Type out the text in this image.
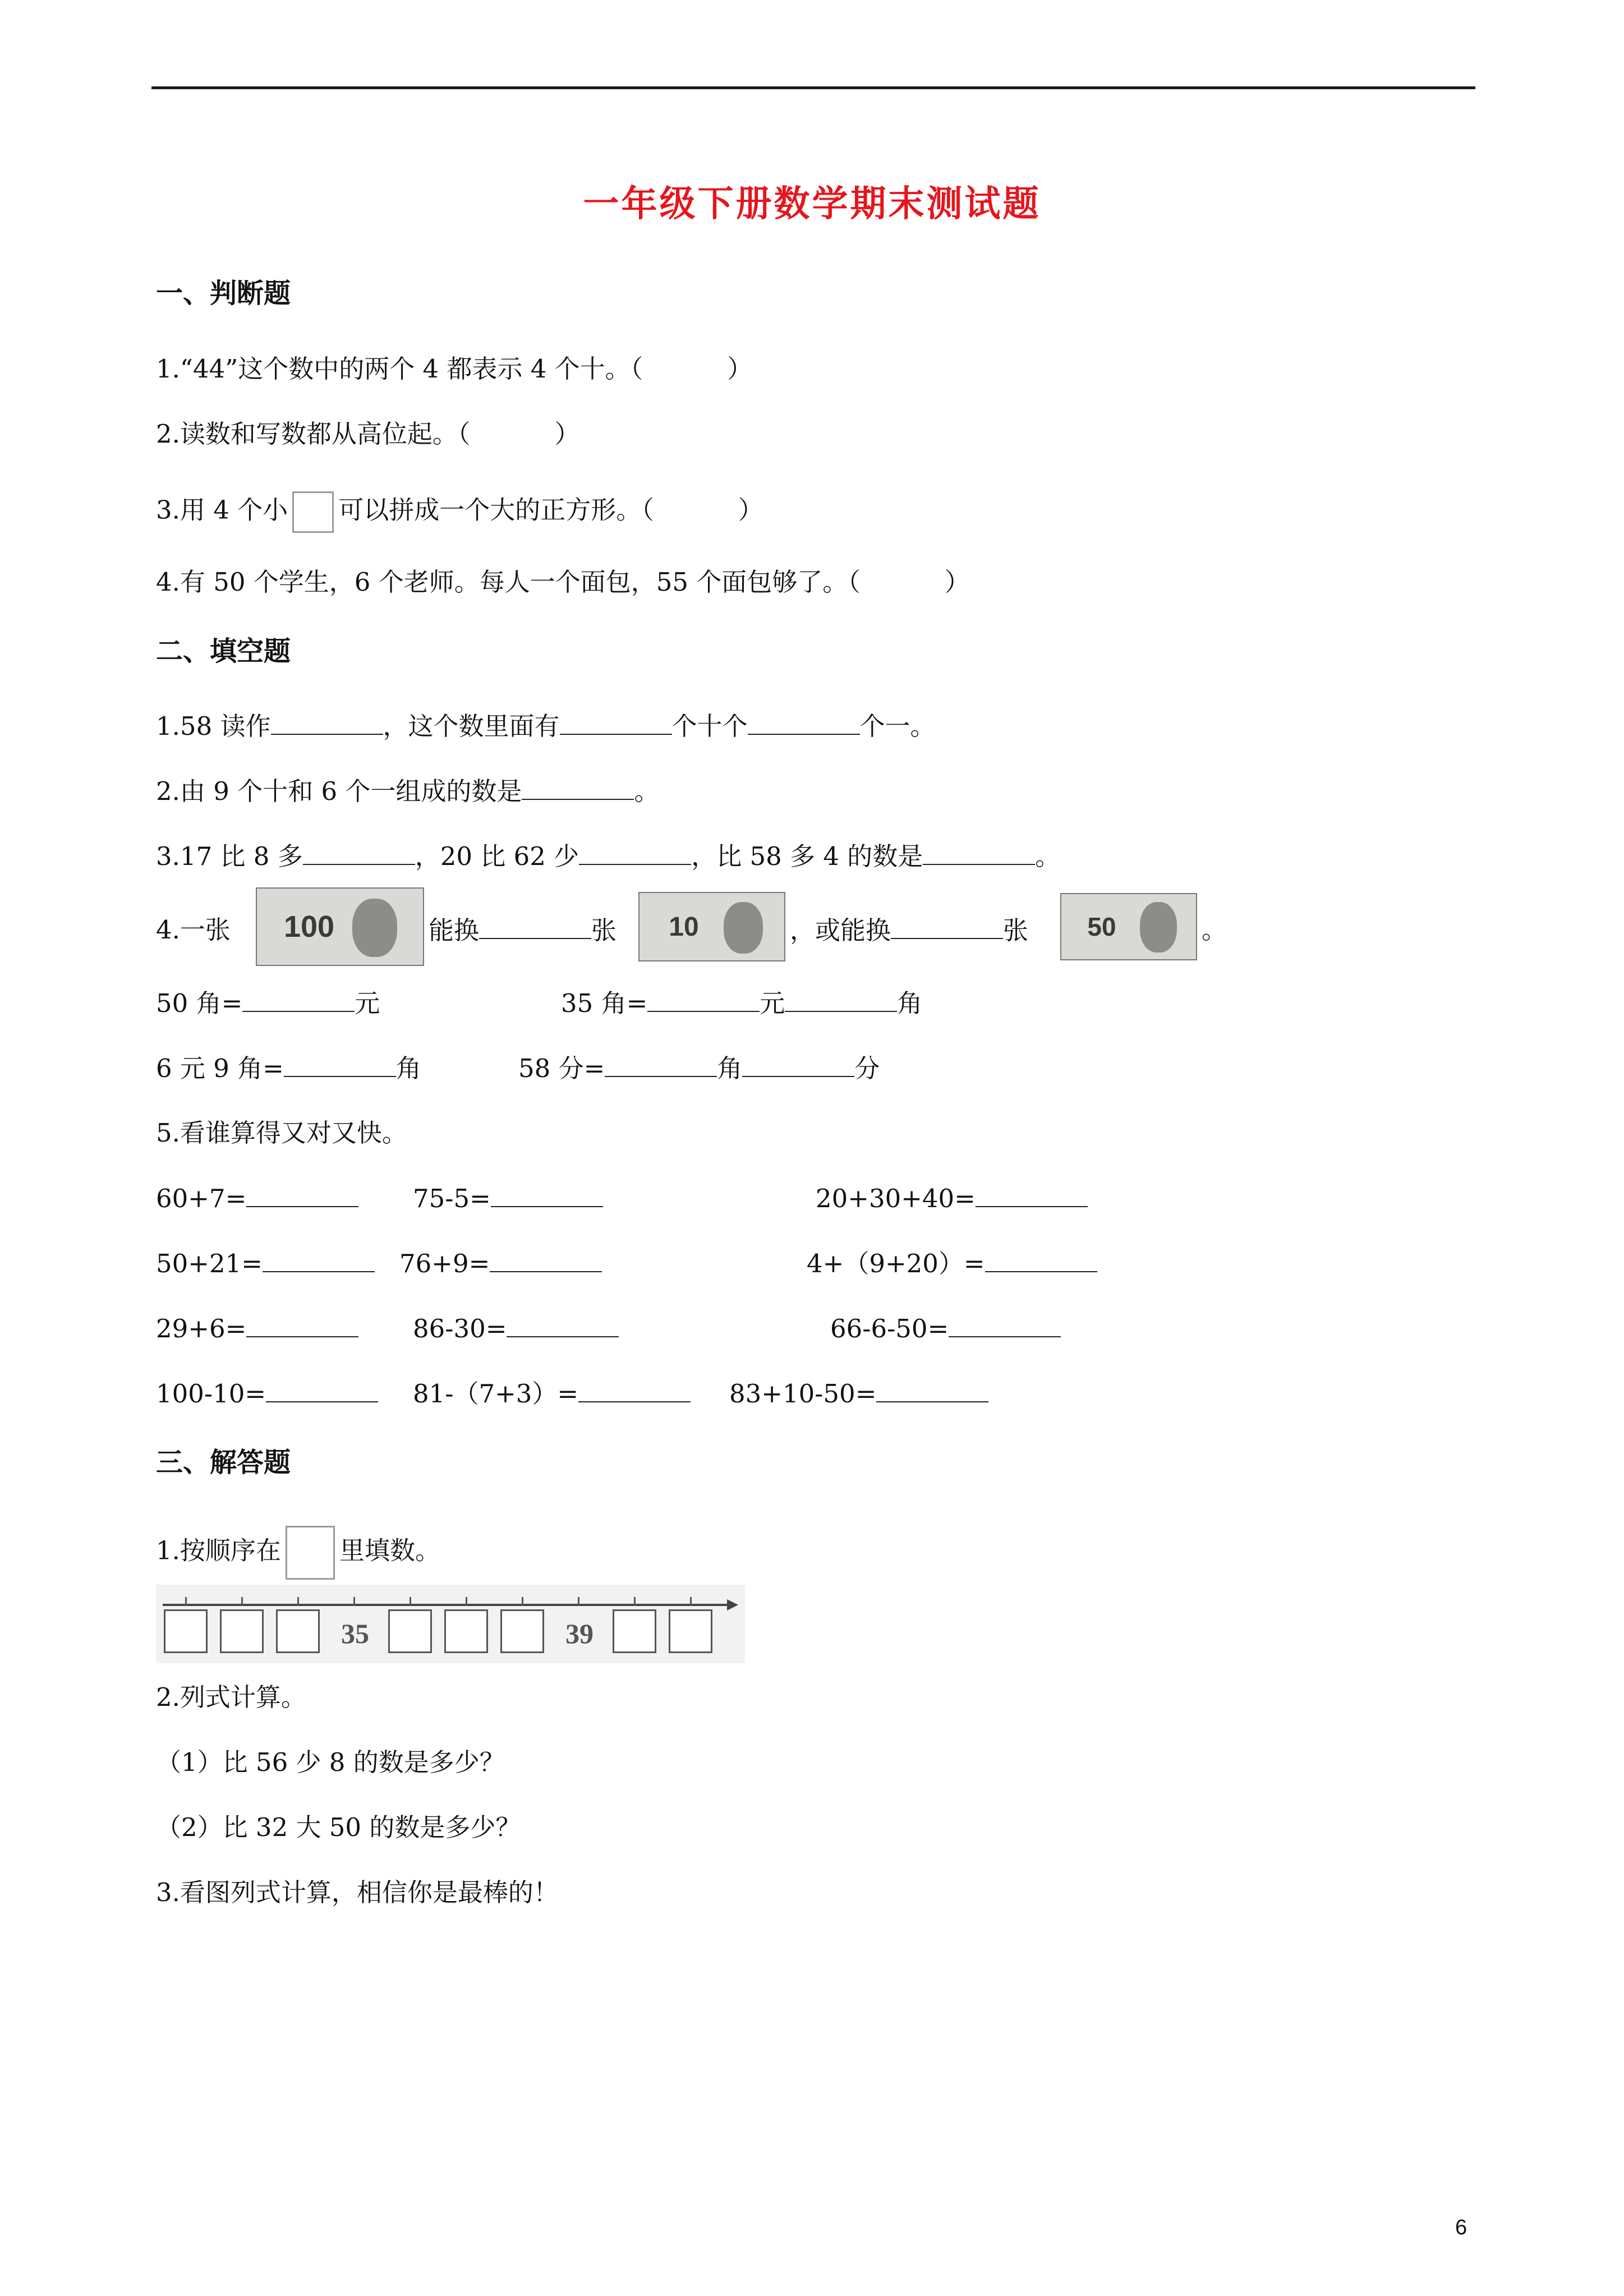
一年级下册数学期末测试题
一、判断题
1.“44”这个数中的两个 4 都表示 4 个十。（	）
2.读数和写数都从高位起。（	）
3.用 4 个小 可以拼成一个大的正方形。（	）
4.有 50 个学生，6 个老师。每人一个面包，55 个面包够了。（	）
二、填空题
1.58 读作	，这个数里面有	个十个	个一。
2.由 9 个十和 6 个一组成的数是	。
3.17 比 8 多	，20 比 62 少	，比 58 多 4 的数是	。
4.一张 100	能换	张 10	，或能换	张 50	。
50 角=	元	35 角=	元	角
6 元 9 角=	角	58 分=	角	分
5.看谁算得又对又快。
60+7=	75-5=	20+30+40=
50+21=	76+9=	4+（9+20）=
29+6=	86-30=	66-6-50=
100-10=	81-（7+3）=	83+10-50=
三、解答题
1.按顺序在 里填数。
35	39
2.列式计算。
（1）比 56 少 8 的数是多少？
（2）比 32 大 50 的数是多少？
3.看图列式计算，相信你是最棒的！
6
